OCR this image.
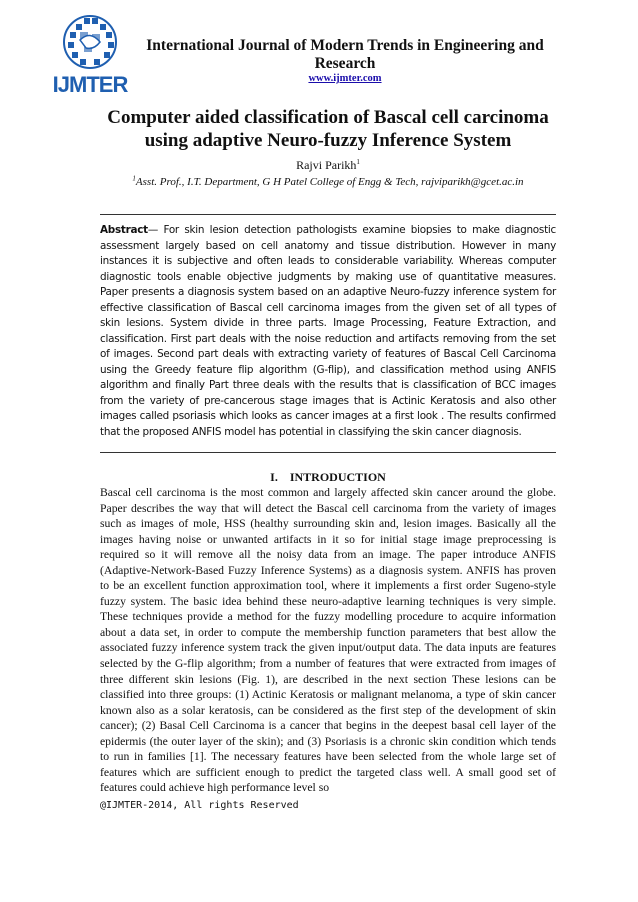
IJMTER
International Journal of Modern Trends in Engineering and Research
www.ijmter.com
Computer aided classification of Bascal cell carcinoma using adaptive Neuro-fuzzy Inference System
Rajvi Parikh$^1$
$^1$Asst. Prof., I.T. Department, G H Patel College of Engg & Tech, rajviparikh@gcet.ac.in

Abstract— For skin lesion detection pathologists examine biopsies to make diagnostic assessment largely based on cell anatomy and tissue distribution. However in many instances it is subjective and often leads to considerable variability. Whereas computer diagnostic tools enable objective judgments by making use of quantitative measures. Paper presents a diagnosis system based on an adaptive Neuro-fuzzy inference system for effective classification of Bascal cell carcinoma images from the given set of all types of skin lesions. System divide in three parts. Image Processing, Feature Extraction, and classification. First part deals with the noise reduction and artifacts removing from the set of images. Second part deals with extracting variety of features of Bascal Cell Carcinoma using the Greedy feature flip algorithm (G-flip), and classification method using ANFIS algorithm and finally Part three deals with the results that is classification of BCC images from the variety of pre-cancerous stage images that is Actinic Keratosis and also other images called psoriasis which looks as cancer images at a first look . The results confirmed that the proposed ANFIS model has potential in classifying the skin cancer diagnosis.

I. INTRODUCTION

Bascal cell carcinoma is the most common and largely affected skin cancer around the globe. Paper describes the way that will detect the Bascal cell carcinoma from the variety of images such as images of mole, HSS (healthy surrounding skin and, lesion images. Basically all the images having noise or unwanted artifacts in it so for initial stage image preprocessing is required so it will remove all the noisy data from an image. The paper introduce ANFIS (Adaptive-Network-Based Fuzzy Inference Systems) as a diagnosis system. ANFIS has proven to be an excellent function approximation tool, where it implements a first order Sugeno-style fuzzy system. The basic idea behind these neuro-adaptive learning techniques is very simple. These techniques provide a method for the fuzzy modelling procedure to acquire information about a data set, in order to compute the membership function parameters that best allow the associated fuzzy inference system track the given input/output data. The data inputs are features selected by the G-flip algorithm; from a number of features that were extracted from images of three different skin lesions (Fig. 1), are described in the next section These lesions can be classified into three groups: (1) Actinic Keratosis or malignant melanoma, a type of skin cancer known also as a solar keratosis, can be considered as the first step of the development of skin cancer); (2) Basal Cell Carcinoma is a cancer that begins in the deepest basal cell layer of the epidermis (the outer layer of the skin); and (3) Psoriasis is a chronic skin condition which tends to run in families [1]. The necessary features have been selected from the whole large set of features which are sufficient enough to predict the targeted class well. A small good set of features could achieve high performance level so

@IJMTER-2014, All rights Reserved
